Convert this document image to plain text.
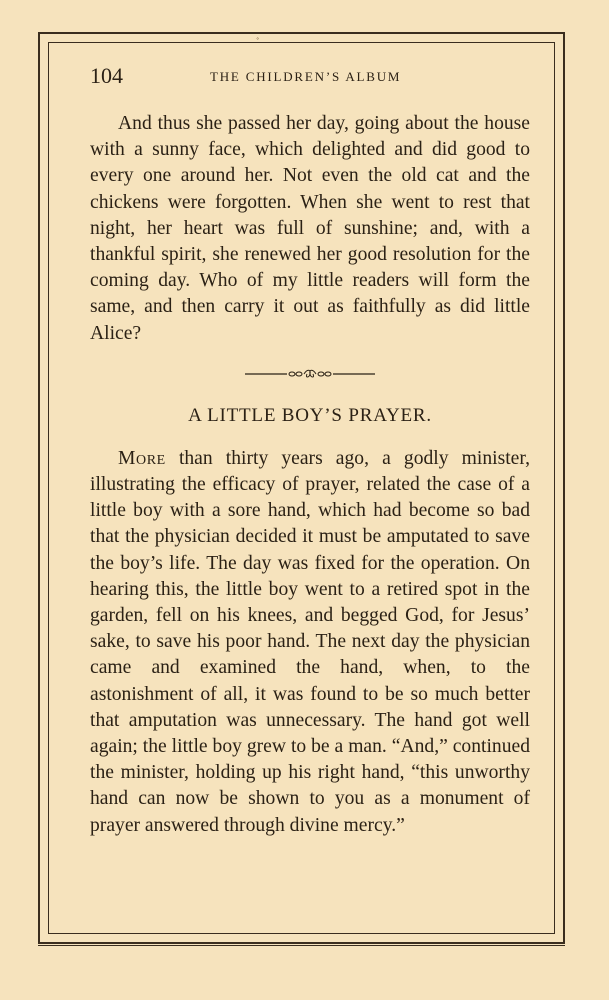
˚
104	THE CHILDREN’S ALBUM

And thus she passed her day, going about the house with a sunny face, which delighted and did good to every one around her. Not even the old cat and the chickens were forgotten. When she went to rest that night, her heart was full of sunshine; and, with a thankful spirit, she renewed her good resolution for the coming day. Who of my little readers will form the same, and then carry it out as faithfully as did little Alice?

A LITTLE BOY’S PRAYER.

More than thirty years ago, a godly minister, illustrating the efficacy of prayer, related the case of a little boy with a sore hand, which had become so bad that the physician decided it must be amputated to save the boy’s life. The day was fixed for the operation. On hearing this, the little boy went to a retired spot in the garden, fell on his knees, and begged God, for Jesus’ sake, to save his poor hand. The next day the physician came and examined the hand, when, to the astonishment of all, it was found to be so much better that amputation was unnecessary. The hand got well again; the little boy grew to be a man. “And,” continued the minister, holding up his right hand, “this unworthy hand can now be shown to you as a monument of prayer answered through divine mercy.”
